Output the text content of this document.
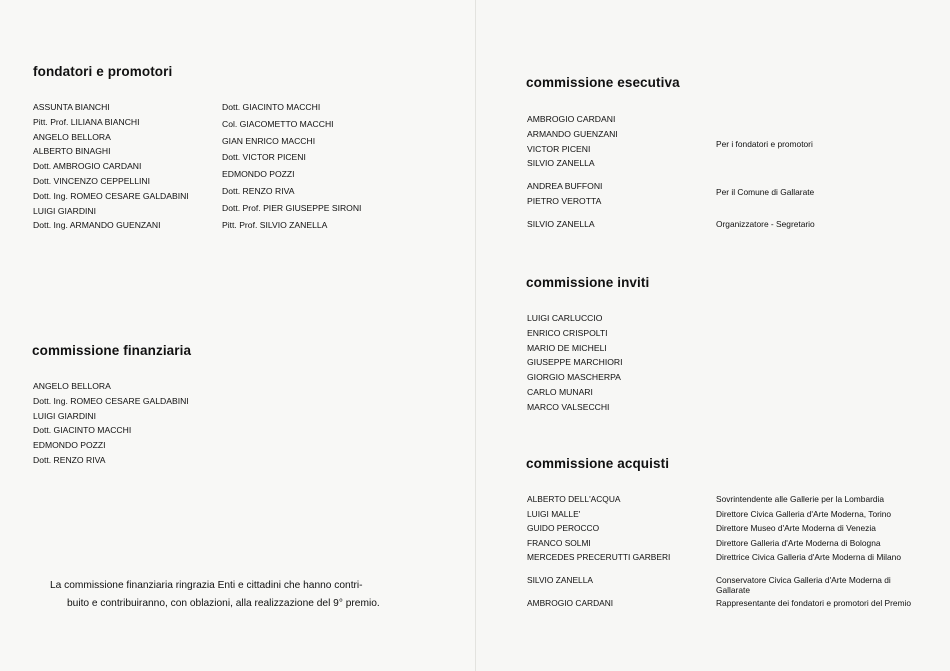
fondatori e promotori
ASSUNTA BIANCHI
Pitt. Prof. LILIANA BIANCHI
ANGELO BELLORA
ALBERTO BINAGHI
Dott. AMBROGIO CARDANI
Dott. VINCENZO CEPPELLINI
Dott. Ing. ROMEO CESARE GALDABINI
LUIGI GIARDINI
Dott. Ing. ARMANDO GUENZANI
Dott. GIACINTO MACCHI
Col. GIACOMETTO MACCHI
GIAN ENRICO MACCHI
Dott. VICTOR PICENI
EDMONDO POZZI
Dott. RENZO RIVA
Dott. Prof. PIER GIUSEPPE SIRONI
Pitt. Prof. SILVIO ZANELLA
commissione finanziaria
ANGELO BELLORA
Dott. Ing. ROMEO CESARE GALDABINI
LUIGI GIARDINI
Dott. GIACINTO MACCHI
EDMONDO POZZI
Dott. RENZO RIVA

La commissione finanziaria ringrazia Enti e cittadini che hanno contri-

buito e contribuiranno, con oblazioni, alla realizzazione del 9° premio.

commissione esecutiva
AMBROGIO CARDANI
ARMANDO GUENZANI
VICTOR PICENI
SILVIO ZANELLA
Per i fondatori e promotori
ANDREA BUFFONI
PIETRO VEROTTA
Per il Comune di Gallarate
SILVIO ZANELLA	Organizzatore - Segretario
commissione inviti
LUIGI CARLUCCIO
ENRICO CRISPOLTI
MARIO DE MICHELI
GIUSEPPE MARCHIORI
GIORGIO MASCHERPA
CARLO MUNARI
MARCO VALSECCHI
commissione acquisti
ALBERTO DELL'ACQUA
LUIGI MALLE'
GUIDO PEROCCO
FRANCO SOLMI
MERCEDES PRECERUTTI GARBERI
SILVIO ZANELLA
AMBROGIO CARDANI
Sovrintendente alle Gallerie per la Lombardia
Direttore Civica Galleria d'Arte Moderna, Torino
Direttore Museo d'Arte Moderna di Venezia
Direttore Galleria d'Arte Moderna di Bologna
Direttrice Civica Galleria d'Arte Moderna di Milano
Conservatore Civica Galleria d'Arte Moderna di Gallarate
Rappresentante dei fondatori e promotori del Premio
